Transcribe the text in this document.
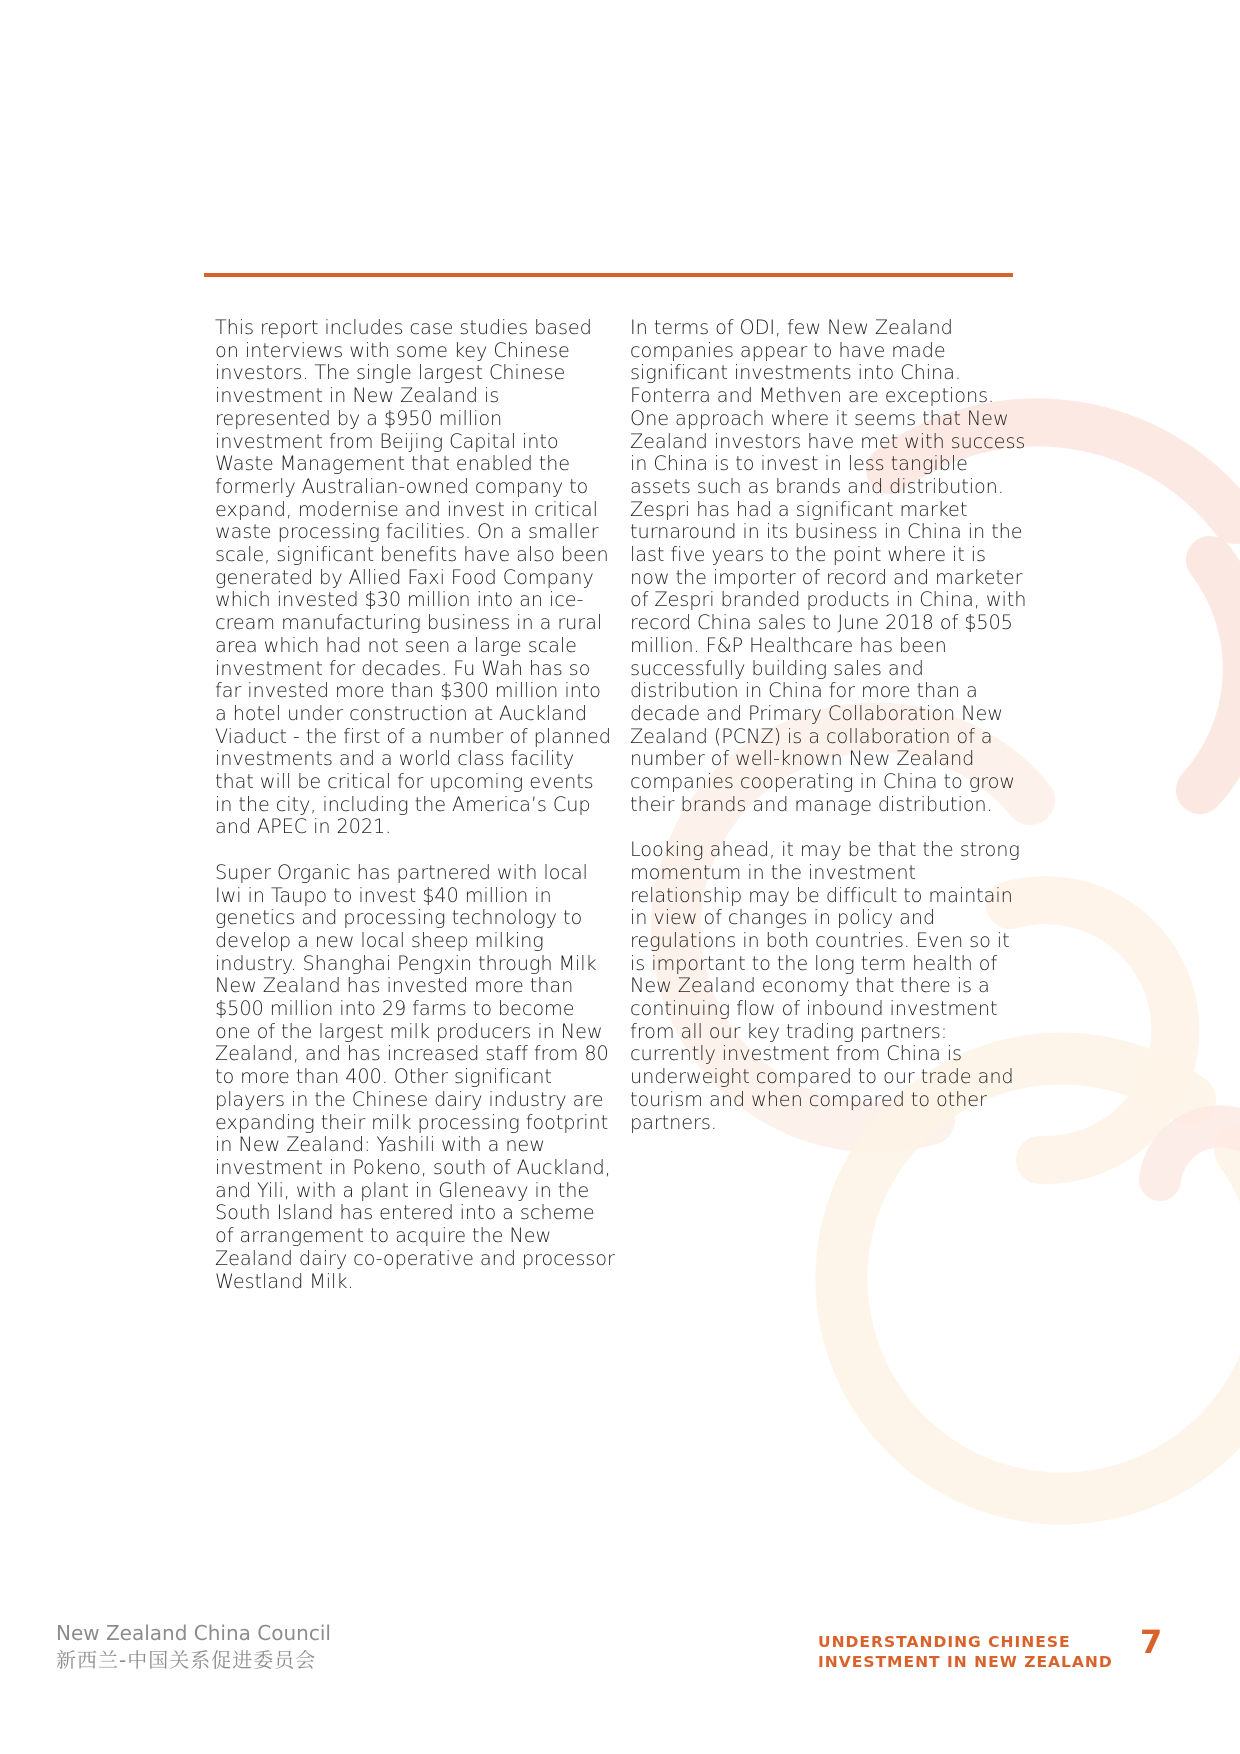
This report includes case studies based on interviews with some key Chinese investors. The single largest Chinese investment in New Zealand is represented by a $950 million investment from Beijing Capital into Waste Management that enabled the formerly Australian-owned company to expand, modernise and invest in critical waste processing facilities. On a smaller scale, significant benefits have also been generated by Allied Faxi Food Company which invested $30 million into an ice-cream manufacturing business in a rural area which had not seen a large scale investment for decades. Fu Wah has so far invested more than $300 million into a hotel under construction at Auckland Viaduct - the first of a number of planned investments and a world class facility that will be critical for upcoming events in the city, including the America’s Cup and APEC in 2021.

Super Organic has partnered with local Iwi in Taupo to invest $40 million in genetics and processing technology to develop a new local sheep milking industry. Shanghai Pengxin through Milk New Zealand has invested more than $500 million into 29 farms to become one of the largest milk producers in New Zealand, and has increased staff from 80 to more than 400. Other significant players in the Chinese dairy industry are expanding their milk processing footprint in New Zealand: Yashili with a new investment in Pokeno, south of Auckland, and Yili, with a plant in Gleneavy in the South Island has entered into a scheme of arrangement to acquire the New Zealand dairy co-operative and processor Westland Milk.

In terms of ODI, few New Zealand companies appear to have made significant investments into China. Fonterra and Methven are exceptions. One approach where it seems that New Zealand investors have met with success in China is to invest in less tangible assets such as brands and distribution. Zespri has had a significant market turnaround in its business in China in the last five years to the point where it is now the importer of record and marketer of Zespri branded products in China, with record China sales to June 2018 of $505 million. F&P Healthcare has been successfully building sales and distribution in China for more than a decade and Primary Collaboration New Zealand (PCNZ) is a collaboration of a number of well-known New Zealand companies cooperating in China to grow their brands and manage distribution.

Looking ahead, it may be that the strong momentum in the investment relationship may be difficult to maintain in view of changes in policy and regulations in both countries. Even so it is important to the long term health of New Zealand economy that there is a continuing flow of inbound investment from all our key trading partners: currently investment from China is underweight compared to our trade and tourism and when compared to other partners.

New Zealand China Council
新西兰-中国关系促进委员会
UNDERSTANDING CHINESE
INVESTMENT IN NEW ZEALAND
7
